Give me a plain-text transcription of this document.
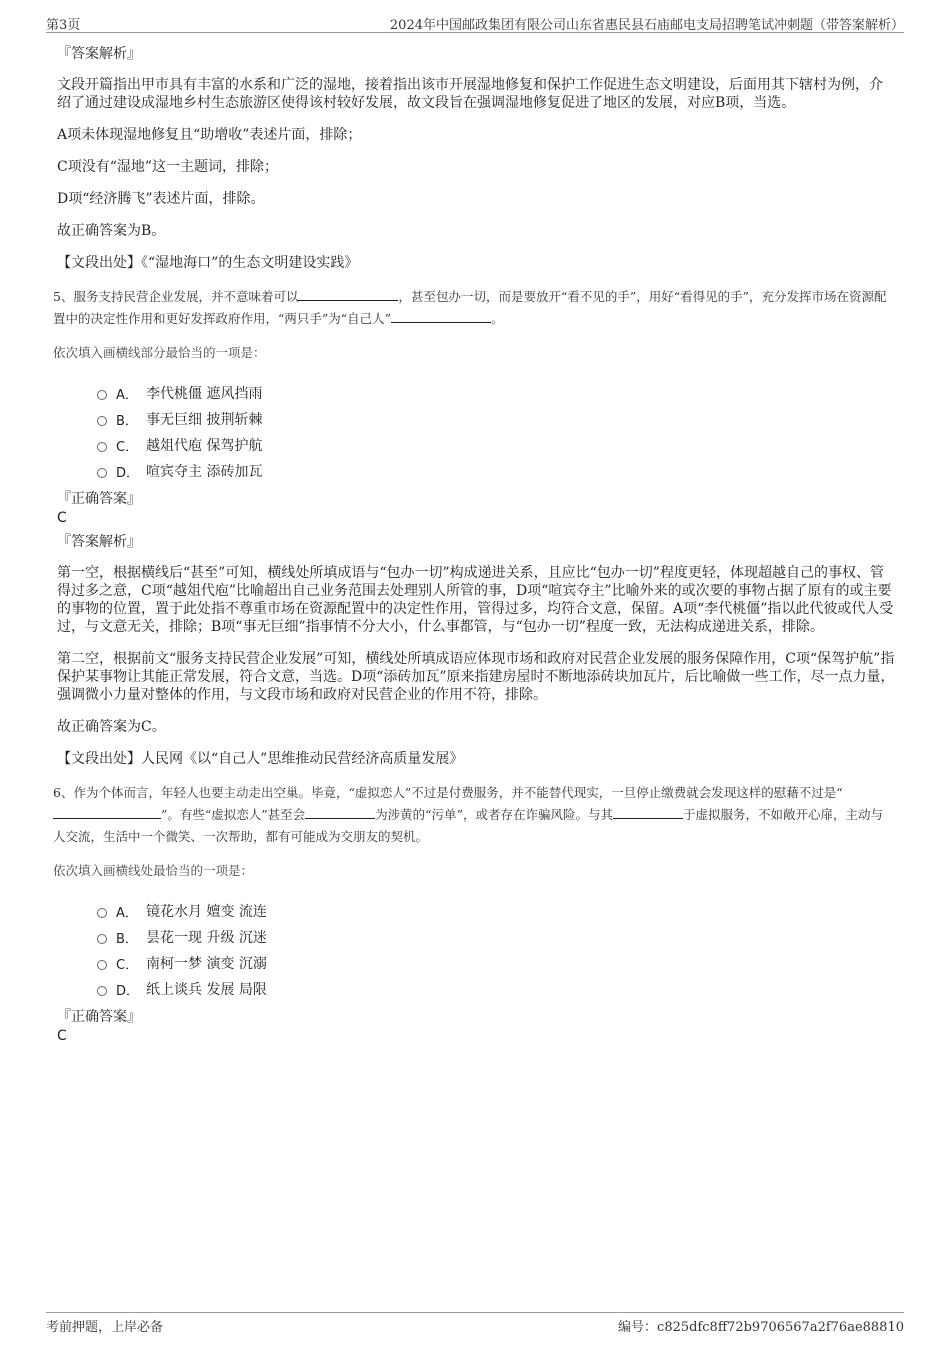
第3页	2024年中国邮政集团有限公司山东省惠民县石庙邮电支局招聘笔试冲刺题（带答案解析）
『答案解析』

文段开篇指出甲市具有丰富的水系和广泛的湿地，接着指出该市开展湿地修复和保护工作促进生态文明建设，后面用其下辖村为例，介绍了通过建设成湿地乡村生态旅游区使得该村较好发展，故文段旨在强调湿地修复促进了地区的发展，对应B项，当选。

A项未体现湿地修复且“助增收”表述片面，排除；

C项没有“湿地”这一主题词，排除；

D项“经济腾飞”表述片面，排除。

故正确答案为B。

【文段出处】《“湿地海口”的生态文明建设实践》

5、服务支持民营企业发展，并不意味着可以	，甚至包办一切，而是要放开“看不见的手”，用好“看得见的手”，充分发挥市场在资源配置中的决定性作用和更好发挥政府作用，“两只手”为“自己人”	。

依次填入画横线部分最恰当的一项是：

A． 李代桃僵 遮风挡雨
B． 事无巨细 披荆斩棘
C． 越俎代庖 保驾护航
D． 喧宾夺主 添砖加瓦
『正确答案』
C
『答案解析』

第一空，根据横线后“甚至”可知，横线处所填成语与“包办一切”构成递进关系，且应比“包办一切”程度更轻，体现超越自己的事权、管得过多之意，C项“越俎代庖”比喻超出自己业务范围去处理别人所管的事，D项“喧宾夺主”比喻外来的或次要的事物占据了原有的或主要的事物的位置，置于此处指不尊重市场在资源配置中的决定性作用，管得过多，均符合文意，保留。A项“李代桃僵”指以此代彼或代人受过，与文意无关，排除；B项“事无巨细”指事情不分大小，什么事都管，与“包办一切”程度一致，无法构成递进关系，排除。

第二空，根据前文“服务支持民营企业发展”可知，横线处所填成语应体现市场和政府对民营企业发展的服务保障作用，C项“保驾护航”指保护某事物让其能正常发展，符合文意，当选。D项“添砖加瓦”原来指建房屋时不断地添砖块加瓦片，后比喻做一些工作，尽一点力量，强调微小力量对整体的作用，与文段市场和政府对民营企业的作用不符，排除。

故正确答案为C。

【文段出处】人民网《以“自己人”思维推动民营经济高质量发展》

6、作为个体而言，年轻人也要主动走出空巢。毕竟，“虚拟恋人”不过是付费服务，并不能替代现实，一旦停止缴费就会发现这样的慰藉不过是“”。有些“虚拟恋人”甚至会	为涉黄的“污单”，或者存在诈骗风险。与其	于虚拟服务，不如敞开心扉，主动与人交流，生活中一个微笑、一次帮助，都有可能成为交朋友的契机。

依次填入画横线处最恰当的一项是：

A． 镜花水月 嬗变 流连
B． 昙花一现 升级 沉迷
C． 南柯一梦 演变 沉溺
D． 纸上谈兵 发展 局限
『正确答案』
C
考前押题，上岸必备	编号：c825dfc8ff72b9706567a2f76ae88810
